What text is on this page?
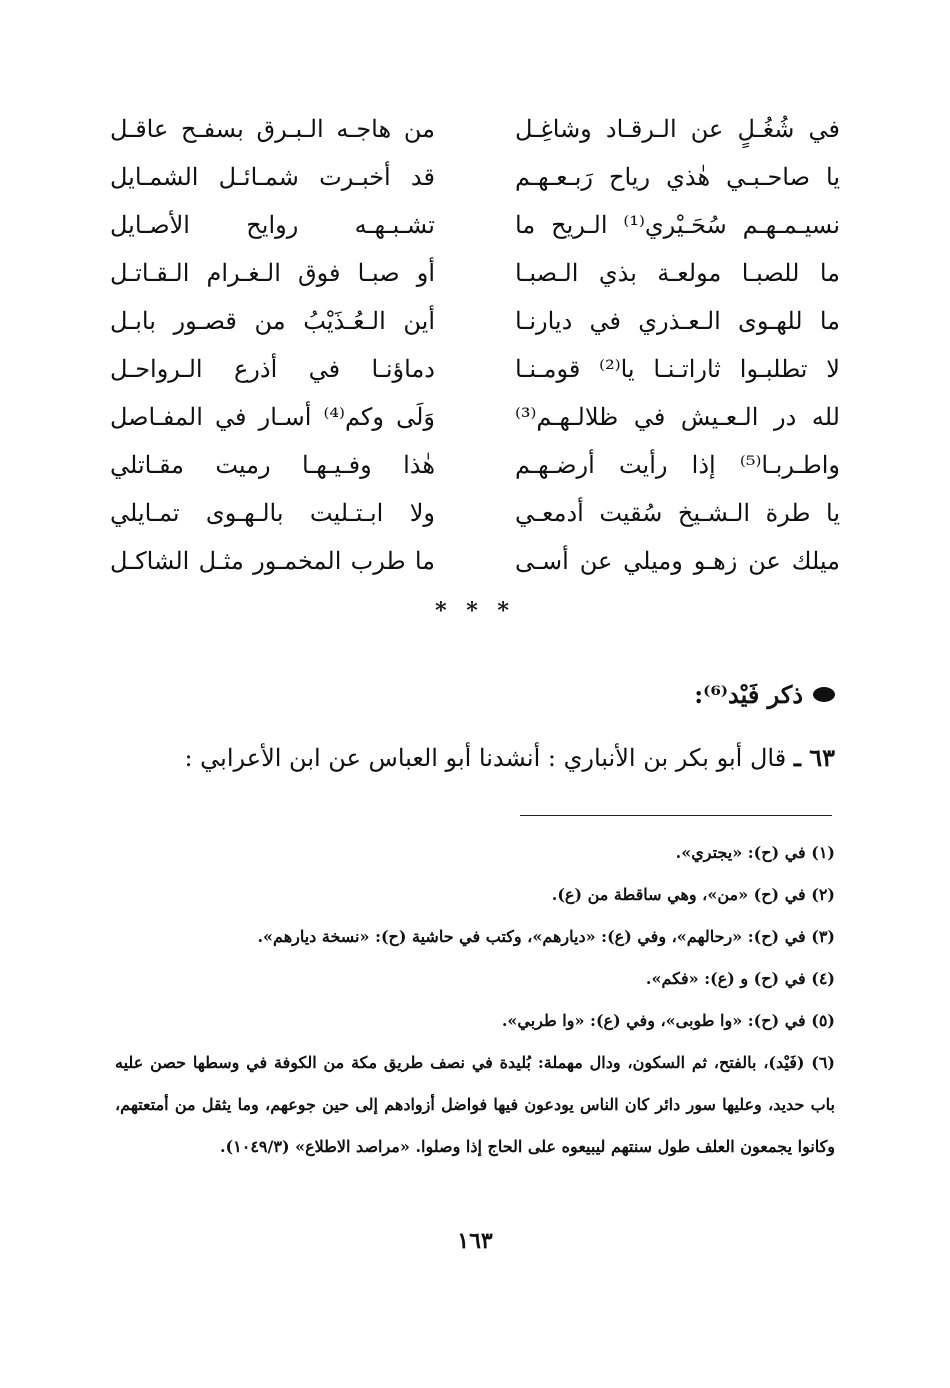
في شُغُـلٍ عن الـرقـاد وشاغِـل
يا صاحـبـي هٰذي رياح رَبـعـهـم
نسيـمـهـم سُحَـيْري⁽¹⁾ الـريح ما
ما للصبـا مولعـة بذي الـصبـا
ما للهـوى الـعـذري في ديارنـا
لا تطلبـوا ثاراتـنـا يا⁽²⁾ قومـنـا
لله در الـعـيش في ظلالـهـم⁽³⁾
واطـربـا⁽⁵⁾ إذا رأيت أرضـهـم
يا طرة الـشـيخ سُقيت أدمعـي
ميلك عن زهـو وميلي عن أسـى
من هاجـه الـبـرق بسفـح عاقـل
قد أخبـرت شمـائـل الشمـايل
تشـبـهـه روايح الأصـايل
أو صبـا فوق الـغـرام الـقـاتـل
أين الـعُـذَيْبُ من قصـور بابـل
دماؤنـا في أذرع الـرواحـل
وَلَى وكم⁽⁴⁾ أسـار في المفـاصل
هٰذا وفـيـهـا رميت مقـاتلي
ولا ابـتـليت بالـهـوى تمـايلي
ما طرب المخمـور مثـل الشاكـل
* * *
ذكر فَيْد⁽⁶⁾:
٦٣ ـ قال أبو بكر بن الأنباري : أنشدنا أبو العباس عن ابن الأعرابي :
(١) في (ح): «يجتري».
(٢) في (ح) «من»، وهي ساقطة من (ع).
(٣) في (ح): «رحالهم»، وفي (ع): «ديارهم»، وكتب في حاشية (ح): «نسخة ديارهم».
(٤) في (ح) و (ع): «فكم».
(٥) في (ح): «وا طوبى»، وفي (ع): «وا طربي».
(٦) (فَيْد)، بالفتح، ثم السكون، ودال مهملة: بُليدة في نصف طريق مكة من الكوفة في وسطها حصن عليه باب حديد، وعليها سور دائر كان الناس يودعون فيها فواضل أزوادهم إلى حين جوعهم، وما يثقل من أمتعتهم، وكانوا يجمعون العلف طول سنتهم ليبيعوه على الحاج إذا وصلوا. «مراصد الاطلاع» (١٠٤٩/٣).
١٦٣
